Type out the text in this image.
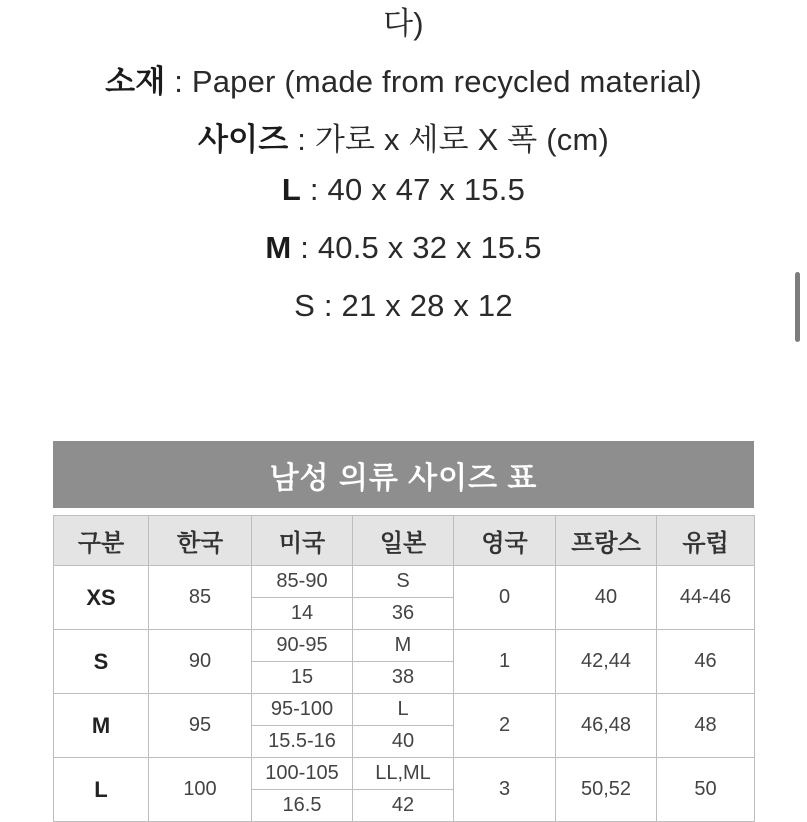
다)
소재 : Paper (made from recycled material)
사이즈 : 가로 x 세로 X 폭 (cm)
L : 40 x 47 x 15.5
M : 40.5 x 32 x 15.5
S : 21 x 28 x 12
남성 의류 사이즈 표
구분	한국	미국	일본	영국	프랑스	유럽
XS	85	85-90	S	0	40	44-46
		14	36			
S	90	90-95	M	1	42,44	46
		15	38			
M	95	95-100	L	2	46,48	48
		15.5-16	40			
L	100	100-105	LL,ML	3	50,52	50
		16.5	42			
